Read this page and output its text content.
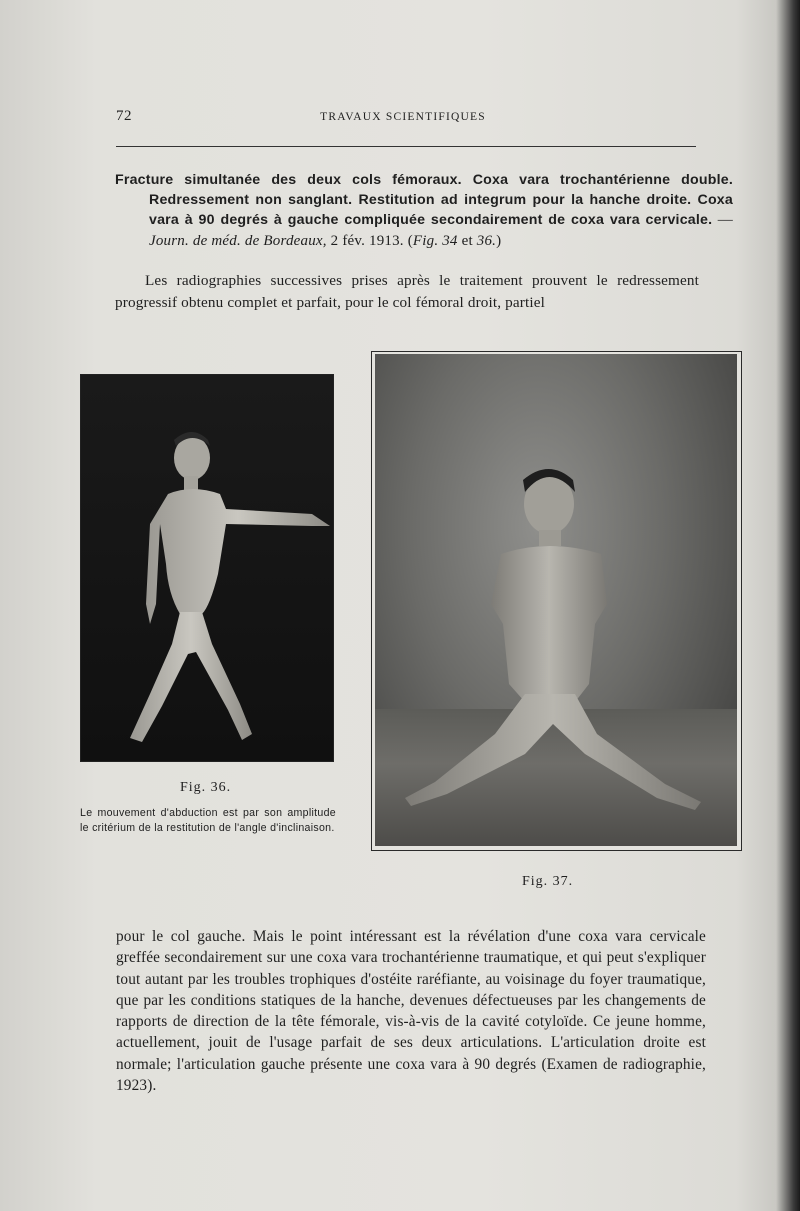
72	TRAVAUX SCIENTIFIQUES
Fracture simultanée des deux cols fémoraux. Coxa vara trochantérienne double. Redressement non sanglant. Restitution ad integrum pour la hanche droite. Coxa vara à 90 degrés à gauche compliquée secondairement de coxa vara cervicale. — Journ. de méd. de Bordeaux, 2 fév. 1913. (Fig. 34 et 36.)
Les radiographies successives prises après le traitement prouvent le redressement progressif obtenu complet et parfait, pour le col fémoral droit, partiel
Fig. 36.
Le mouvement d'abduction est par son amplitude le critérium de la restitution de l'angle d'inclinaison.
Fig. 37.
pour le col gauche. Mais le point intéressant est la révélation d'une coxa vara cervicale greffée secondairement sur une coxa vara trochantérienne traumatique, et qui peut s'expliquer tout autant par les troubles trophiques d'ostéite raréfiante, au voisinage du foyer traumatique, que par les conditions statiques de la hanche, devenues défectueuses par les changements de rapports de direction de la tête fémorale, vis-à-vis de la cavité cotyloïde. Ce jeune homme, actuellement, jouit de l'usage parfait de ses deux articulations. L'articulation droite est normale; l'articulation gauche présente une coxa vara à 90 degrés (Examen de radiographie, 1923).
